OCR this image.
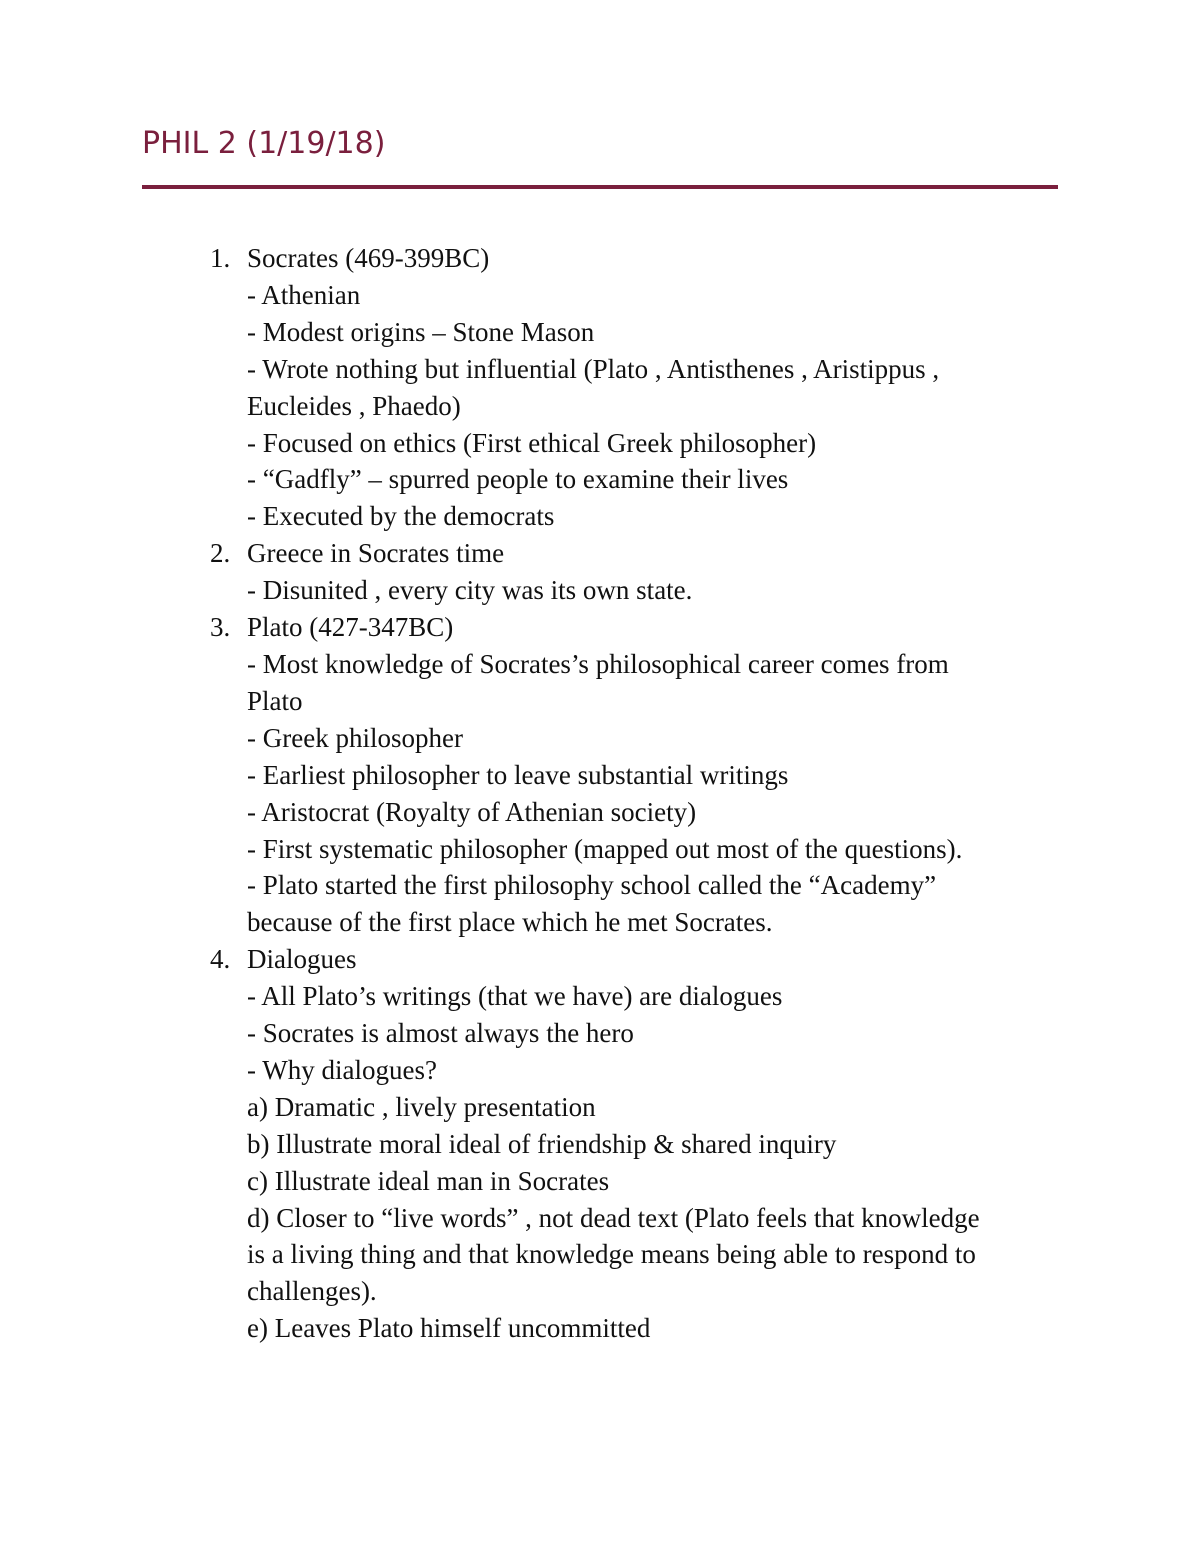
PHIL 2 (1/19/18)
1. Socrates (469-399BC)
- Athenian
- Modest origins – Stone Mason
- Wrote nothing but influential (Plato , Antisthenes , Aristippus ,
Eucleides , Phaedo)
- Focused on ethics (First ethical Greek philosopher)
- “Gadfly” – spurred people to examine their lives
- Executed by the democrats
2. Greece in Socrates time
- Disunited , every city was its own state.
3. Plato (427-347BC)
- Most knowledge of Socrates’s philosophical career comes from
Plato
- Greek philosopher
- Earliest philosopher to leave substantial writings
- Aristocrat (Royalty of Athenian society)
- First systematic philosopher (mapped out most of the questions).
- Plato started the first philosophy school called the “Academy”
because of the first place which he met Socrates.
4. Dialogues
- All Plato’s writings (that we have) are dialogues
- Socrates is almost always the hero
- Why dialogues?
a) Dramatic , lively presentation
b) Illustrate moral ideal of friendship & shared inquiry
c) Illustrate ideal man in Socrates
d) Closer to “live words” , not dead text (Plato feels that knowledge
is a living thing and that knowledge means being able to respond to
challenges).
e) Leaves Plato himself uncommitted
